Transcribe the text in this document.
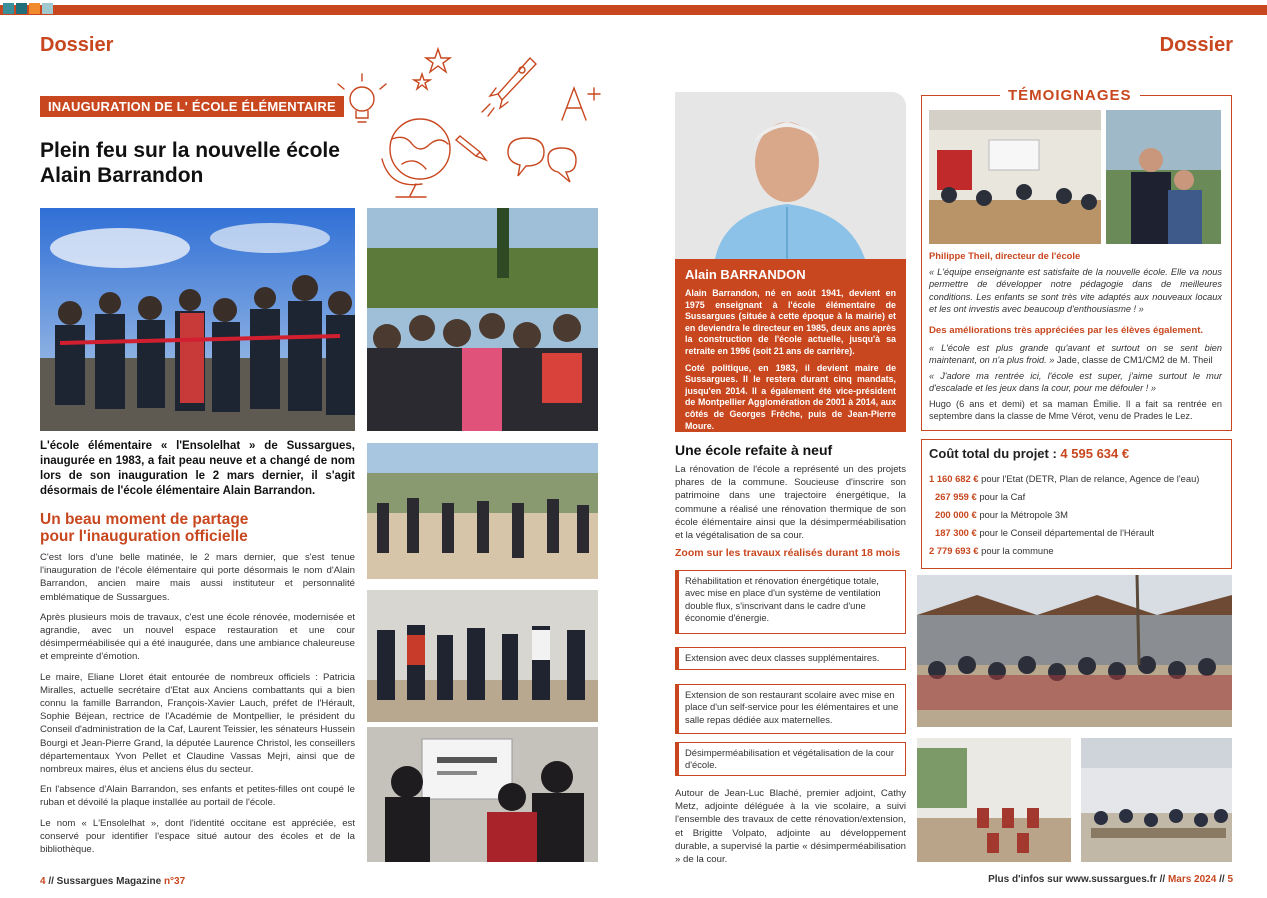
Dossier	Dossier
INAUGURATION DE L' ÉCOLE ÉLÉMENTAIRE
Plein feu sur la nouvelle école
Alain Barrandon
L'école élémentaire « l'Ensolelhat » de Sussargues, inaugurée en 1983, a fait peau neuve et a changé de nom lors de son inauguration le 2 mars dernier, il s'agit désormais de l'école élémentaire Alain Barrandon.
Un beau moment de partage
pour l'inauguration officielle

C'est lors d'une belle matinée, le 2 mars dernier, que s'est tenue l'inauguration de l'école élémentaire qui porte désormais le nom d'Alain Barrandon, ancien maire mais aussi instituteur et personnalité emblématique de Sussargues.

Après plusieurs mois de travaux, c'est une école rénovée, modernisée et agrandie, avec un nouvel espace restauration et une cour désimperméabilisée qui a été inaugurée, dans une ambiance chaleureuse et empreinte d'émotion.

Le maire, Eliane Lloret était entourée de nombreux officiels : Patricia Miralles, actuelle secrétaire d'Etat aux Anciens combattants qui a bien connu la famille Barrandon, François-Xavier Lauch, préfet de l'Hérault, Sophie Béjean, rectrice de l'Académie de Montpellier, le président du Conseil d'administration de la Caf, Laurent Teissier, les sénateurs Hussein Bourgi et Jean-Pierre Grand, la députée Laurence Christol, les conseillers départementaux Yvon Pellet et Claudine Vassas Mejri, ainsi que de nombreux maires, élus et anciens élus du secteur.

En l'absence d'Alain Barrandon, ses enfants et petites-filles ont coupé le ruban et dévoilé la plaque installée au portail de l'école.

Le nom « L'Ensolelhat », dont l'identité occitane est appréciée, est conservé pour identifier l'espace situé autour des écoles et de la bibliothèque.

4 // Sussargues Magazine n°37
Alain BARRANDON

Alain Barrandon, né en août 1941, devient en 1975 enseignant à l'école élémentaire de Sussargues (située à cette époque à la mairie) et en deviendra le directeur en 1985, deux ans après la construction de l'école actuelle, jusqu'à sa retraite en 1996 (soit 21 ans de carrière).

Coté politique, en 1983, il devient maire de Sussargues. Il le restera durant cinq mandats, jusqu'en 2014. Il a également été vice-président de Montpellier Agglomération de 2001 à 2014, aux côtés de Georges Frêche, puis de Jean-Pierre Moure.

Une école refaite à neuf
La rénovation de l'école a représenté un des projets phares de la commune. Soucieuse d'inscrire son patrimoine dans une trajectoire énergétique, la commune a réalisé une rénovation thermique de son école élémentaire ainsi que la désimperméabilisation et la végétalisation de sa cour.
Zoom sur les travaux réalisés durant 18 mois
Réhabilitation et rénovation énergétique totale, avec mise en place d'un système de ventilation double flux, s'inscrivant dans le cadre d'une économie d'énergie.
Extension avec deux classes supplémentaires.
Extension de son restaurant scolaire avec mise en place d'un self-service pour les élémentaires et une salle repas dédiée aux maternelles.
Désimperméabilisation et végétalisation de la cour d'école.
Autour de Jean-Luc Blaché, premier adjoint, Cathy Metz, adjointe déléguée à la vie scolaire, a suivi l'ensemble des travaux de cette rénovation/extension, et Brigitte Volpato, adjointe au développement durable, a supervisé la partie « désimperméabilisation » de la cour.
TÉMOIGNAGES
Philippe Theil, directeur de l'école
« L'équipe enseignante est satisfaite de la nouvelle école. Elle va nous permettre de développer notre pédagogie dans de meilleures conditions. Les enfants se sont très vite adaptés aux nouveaux locaux et les ont investis avec beaucoup d'enthousiasme ! »
Des améliorations très appréciées par les élèves également.
« L'école est plus grande qu'avant et surtout on se sent bien maintenant, on n'a plus froid. » Jade, classe de CM1/CM2 de M. Theil
« J'adore ma rentrée ici, l'école est super, j'aime surtout le mur d'escalade et les jeux dans la cour, pour me défouler ! »
Hugo (6 ans et demi) et sa maman Émilie. Il a fait sa rentrée en septembre dans la classe de Mme Vérot, venu de Prades le Lez.
Coût total du projet : 4 595 634 €
1 160 682 € pour l'Etat (DETR, Plan de relance, Agence de l'eau)
267 959 € pour la Caf
200 000 € pour la Métropole 3M
187 300 € pour le Conseil départemental de l'Hérault
2 779 693 € pour la commune
Plus d'infos sur www.sussargues.fr // Mars 2024 // 5
